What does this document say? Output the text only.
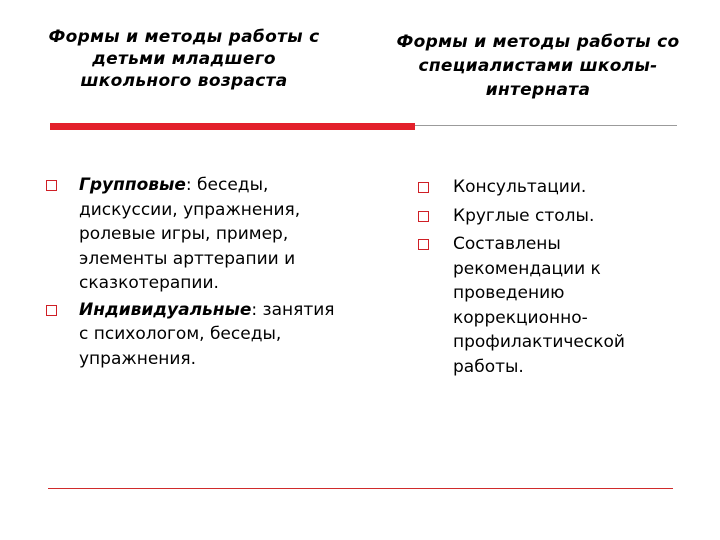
Формы и методы работы с детьми младшего школьного возраста
Формы и методы работы со специалистами школы-интерната
Групповые: беседы, дискуссии, упражнения, ролевые игры, пример, элементы арттерапии и сказкотерапии.
Индивидуальные: занятия с психологом, беседы, упражнения.
Консультации.
Круглые столы.
Составлены рекомендации к проведению коррекционно-профилактической работы.
